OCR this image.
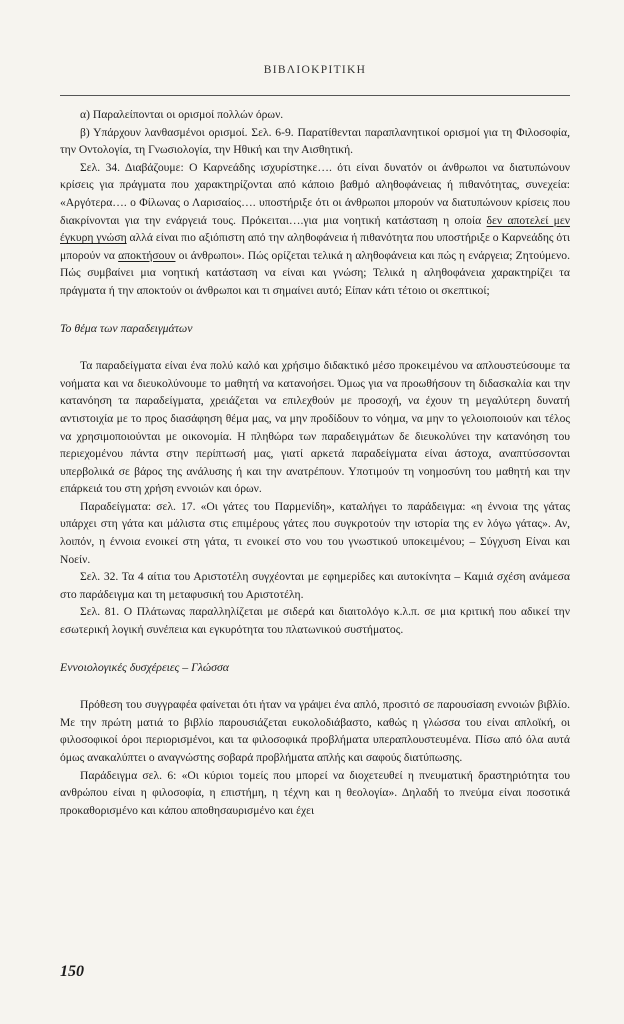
ΒΙΒΛΙΟΚΡΙΤΙΚΗ

α) Παραλείπονται οι ορισμοί πολλών όρων.

β) Υπάρχουν λανθασμένοι ορισμοί. Σελ. 6-9. Παρατίθενται παραπλανητικοί ορισμοί για τη Φιλοσοφία, την Οντολογία, τη Γνωσιολογία, την Ηθική και την Αισθητική.

Σελ. 34. Διαβάζουμε: Ο Καρνεάδης ισχυρίστηκε…. ότι είναι δυνατόν οι άνθρωποι να διατυπώνουν κρίσεις για πράγματα που χαρακτηρίζονται από κάποιο βαθμό αληθοφάνειας ή πιθανότητας, συνεχεία: «Αργότερα…. ο Φίλωνας ο Λαρισαίος…. υποστήριξε ότι οι άνθρωποι μπορούν να διατυπώνουν κρίσεις που διακρίνονται για την ενάργειά τους. Πρόκειται….για μια νοητική κατάσταση η οποία δεν αποτελεί μεν έγκυρη γνώση αλλά είναι πιο αξιόπιστη από την αληθοφάνεια ή πιθανότητα που υποστήριξε ο Καρνεάδης ότι μπορούν να αποκτήσουν οι άνθρωποι». Πώς ορίζεται τελικά η αληθοφάνεια και πώς η ενάργεια; Ζητούμενο. Πώς συμβαίνει μια νοητική κατάσταση να είναι και γνώση; Τελικά η αληθοφάνεια χαρακτηρίζει τα πράγματα ή την αποκτούν οι άνθρωποι και τι σημαίνει αυτό; Είπαν κάτι τέτοιο οι σκεπτικοί;

Το θέμα των παραδειγμάτων

Τα παραδείγματα είναι ένα πολύ καλό και χρήσιμο διδακτικό μέσο προκειμένου να απλουστεύσουμε τα νοήματα και να διευκολύνουμε το μαθητή να κατανοήσει. Όμως για να προωθήσουν τη διδασκαλία και την κατανόηση τα παραδείγματα, χρειάζεται να επιλεχθούν με προσοχή, να έχουν τη μεγαλύτερη δυνατή αντιστοιχία με το προς διασάφηση θέμα μας, να μην προδίδουν το νόημα, να μην το γελοιοποιούν και τέλος να χρησιμοποιούνται με οικονομία. Η πληθώρα των παραδειγμάτων δε διευκολύνει την κατανόηση του περιεχομένου πάντα στην περίπτωσή μας, γιατί αρκετά παραδείγματα είναι άστοχα, αναπτύσσονται υπερβολικά σε βάρος της ανάλυσης ή και την ανατρέπουν. Υποτιμούν τη νοημοσύνη του μαθητή και την επάρκειά του στη χρήση εννοιών και όρων.

Παραδείγματα: σελ. 17. «Οι γάτες του Παρμενίδη», καταλήγει το παράδειγμα: «η έννοια της γάτας υπάρχει στη γάτα και μάλιστα στις επιμέρους γάτες που συγκροτούν την ιστορία της εν λόγω γάτας». Αν, λοιπόν, η έννοια ενοικεί στη γάτα, τι ενοικεί στο νου του γνωστικού υποκειμένου; – Σύγχυση Είναι και Νοείν.

Σελ. 32. Τα 4 αίτια του Αριστοτέλη συγχέονται με εφημερίδες και αυτοκίνητα – Καμιά σχέση ανάμεσα στο παράδειγμα και τη μεταφυσική του Αριστοτέλη.

Σελ. 81. Ο Πλάτωνας παραλληλίζεται με σιδερά και διαιτολόγο κ.λ.π. σε μια κριτική που αδικεί την εσωτερική λογική συνέπεια και εγκυρότητα του πλατωνικού συστήματος.

Εννοιολογικές δυσχέρειες – Γλώσσα

Πρόθεση του συγγραφέα φαίνεται ότι ήταν να γράψει ένα απλό, προσιτό σε παρουσίαση εννοιών βιβλίο. Με την πρώτη ματιά το βιβλίο παρουσιάζεται ευκολοδιάβαστο, καθώς η γλώσσα του είναι απλοϊκή, οι φιλοσοφικοί όροι περιορισμένοι, και τα φιλοσοφικά προβλήματα υπεραπλουστευμένα. Πίσω από όλα αυτά όμως ανακαλύπτει ο αναγνώστης σοβαρά προβλήματα απλής και σαφούς διατύπωσης.

Παράδειγμα σελ. 6: «Οι κύριοι τομείς που μπορεί να διοχετευθεί η πνευματική δραστηριότητα του ανθρώπου είναι η φιλοσοφία, η επιστήμη, η τέχνη και η θεολογία». Δηλαδή το πνεύμα είναι ποσοτικά προκαθορισμένο και κάπου αποθησαυρισμένο και έχει

150
